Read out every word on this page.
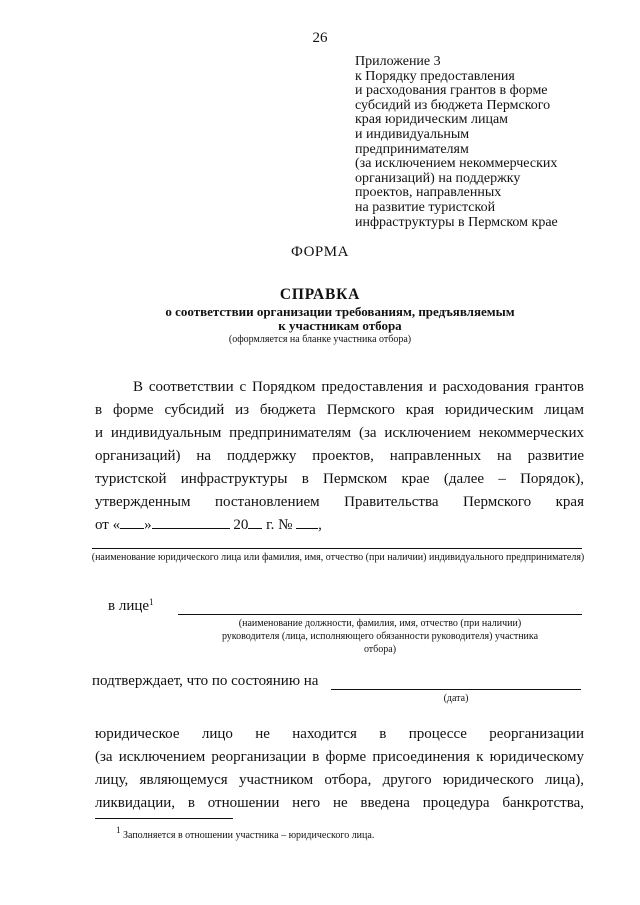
26
Приложение 3
к Порядку предоставления
и расходования грантов в форме
субсидий из бюджета Пермского
края юридическим лицам
и индивидуальным
предпринимателям
(за исключением некоммерческих
организаций) на поддержку
проектов, направленных
на развитие туристской
инфраструктуры в Пермском крае
ФОРМА
СПРАВКА
о соответствии организации требованиям, предъявляемым
к участникам отбора
(оформляется на бланке участника отбора)
В соответствии с Порядком предоставления и расходования грантов
в форме субсидий из бюджета Пермского края юридическим лицам
и индивидуальным предпринимателям (за исключением некоммерческих
организаций) на поддержку проектов, направленных на развитие
туристской инфраструктуры в Пермском крае (далее – Порядок),
утвержденным постановлением Правительства Пермского края
от « »	20 г. № ,
(наименование юридического лица или фамилия, имя, отчество (при наличии) индивидуального предпринимателя)
в лице$^1$
(наименование должности, фамилия, имя, отчество (при наличии)
руководителя (лица, исполняющего обязанности руководителя) участника
отбора)
подтверждает, что по состоянию на
(дата)
юридическое лицо не находится в процессе реорганизации
(за исключением реорганизации в форме присоединения к юридическому
лицу, являющемуся участником отбора, другого юридического лица),
ликвидации, в отношении него не введена процедура банкротства,
$^1$ Заполняется в отношении участника – юридического лица.
